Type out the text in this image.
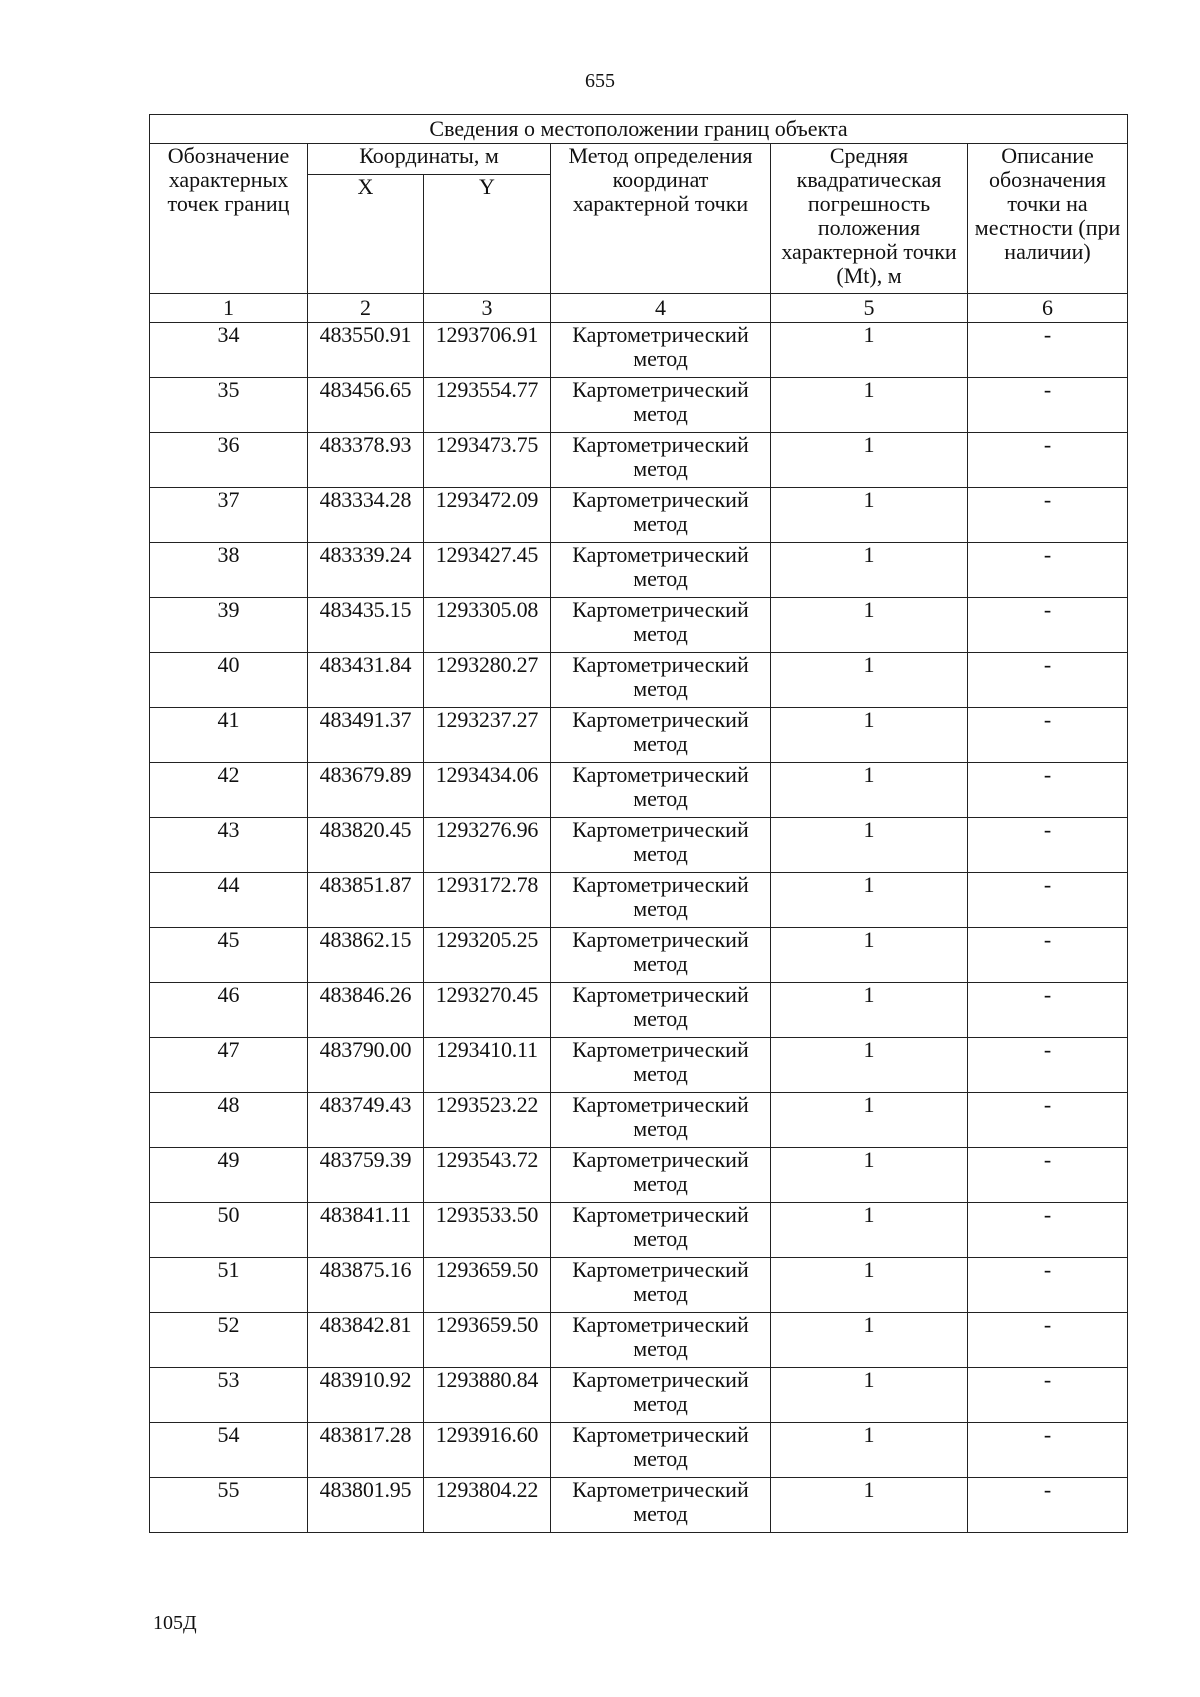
655
Сведения о местоположении границ объекта					
Обозначение характерных точек границ	Координаты, м		Метод определения координат характерной точки	Средняя квадратическая погрешность положения характерной точки (Mt), м	Описание обозначения точки на местности (при наличии)
	X	Y			
1	2	3	4	5	6
34	483550.91	1293706.91	Картометрический метод	1	-
35	483456.65	1293554.77	Картометрический метод	1	-
36	483378.93	1293473.75	Картометрический метод	1	-
37	483334.28	1293472.09	Картометрический метод	1	-
38	483339.24	1293427.45	Картометрический метод	1	-
39	483435.15	1293305.08	Картометрический метод	1	-
40	483431.84	1293280.27	Картометрический метод	1	-
41	483491.37	1293237.27	Картометрический метод	1	-
42	483679.89	1293434.06	Картометрический метод	1	-
43	483820.45	1293276.96	Картометрический метод	1	-
44	483851.87	1293172.78	Картометрический метод	1	-
45	483862.15	1293205.25	Картометрический метод	1	-
46	483846.26	1293270.45	Картометрический метод	1	-
47	483790.00	1293410.11	Картометрический метод	1	-
48	483749.43	1293523.22	Картометрический метод	1	-
49	483759.39	1293543.72	Картометрический метод	1	-
50	483841.11	1293533.50	Картометрический метод	1	-
51	483875.16	1293659.50	Картометрический метод	1	-
52	483842.81	1293659.50	Картометрический метод	1	-
53	483910.92	1293880.84	Картометрический метод	1	-
54	483817.28	1293916.60	Картометрический метод	1	-
55	483801.95	1293804.22	Картометрический метод	1	-
105Д
